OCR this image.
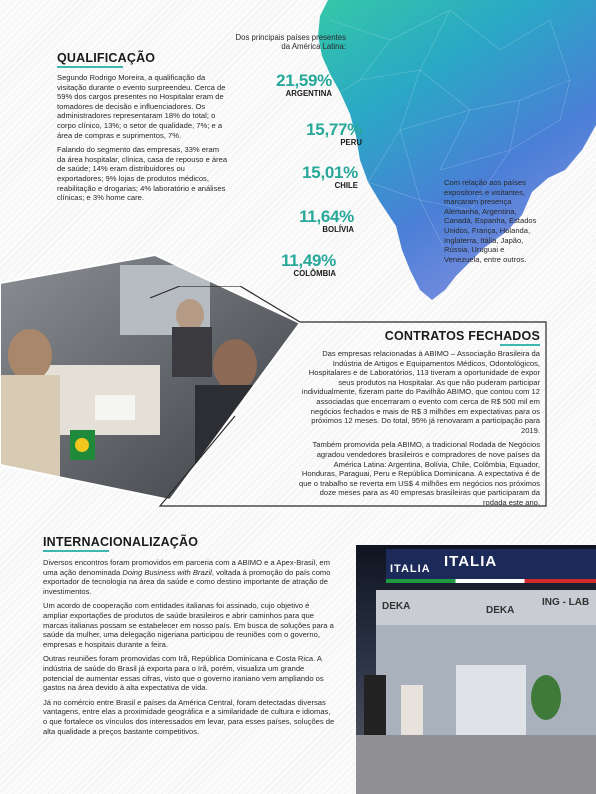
QUALIFICAÇÃO

Segundo Rodrigo Moreira, a qualificação da visitação durante o evento surpreendeu. Cerca de 59% dos cargos presentes no Hospitalar eram de tomadores de decisão e influenciadores. Os administradores representaram 18% do total; o corpo clínico, 13%; o setor de qualidade, 7%; e a área de compras e suprimentos, 7%.

Falando do segmento das empresas, 33% eram da área hospitalar, clínica, casa de repouso e área de saúde; 14% eram distribuidores ou exportadores; 9% lojas de produtos médicos, reabilitação e drogarias; 4% laboratório e análises clínicas; e 3% home care.

Dos principais países presentes da América Latina:
21,59%
ARGENTINA
15,77%
PERU
15,01%
CHILE
11,64%
BOLÍVIA
11,49%
COLÔMBIA
Com relação aos países expositores e visitantes, marcaram presença Alemanha, Argentina, Canadá, Espanha, Estados Unidos, França, Holanda, Inglaterra, Itália, Japão, Rússia, Uruguai e Venezuela, entre outros.
CONTRATOS FECHADOS

Das empresas relacionadas à ABIMO – Associação Brasileira da Indústria de Artigos e Equipamentos Médicos, Odontológicos, Hospitalares e de Laboratórios, 113 tiveram a oportunidade de expor seus produtos na Hospitalar. As que não puderam participar individualmente, fizeram parte do Pavilhão ABIMO, que contou com 12 associadas que encerraram o evento com cerca de R$ 500 mil em negócios fechados e mais de R$ 3 milhões em expectativas para os próximos 12 meses. Do total, 95% já renovaram a participação para 2019.

Também promovida pela ABIMO, a tradicional Rodada de Negócios agradou vendedores brasileiros e compradores de nove países da América Latina: Argentina, Bolívia, Chile, Colômbia, Equador, Honduras, Paraguai, Peru e República Dominicana. A expectativa é de que o trabalho se reverta em US$ 4 milhões em negócios nos próximos doze meses para as 40 empresas brasileiras que participaram da rodada este ano.

INTERNACIONALIZAÇÃO

Diversos encontros foram promovidos em parceria com a ABIMO e a Apex-Brasil, em uma ação denominada Doing Business with Brazil, voltada à promoção do país como exportador de tecnologia na área da saúde e como destino importante de atração de investimentos.

Um acordo de cooperação com entidades italianas foi assinado, cujo objetivo é ampliar exportações de produtos de saúde brasileiros e abrir caminhos para que marcas italianas possam se estabelecer em nosso país. Em busca de soluções para a saúde da mulher, uma delegação nigeriana participou de reuniões com o governo, empresas e hospitais durante a feira.

Outras reuniões foram promovidas com Irã, República Dominicana e Costa Rica. A indústria de saúde do Brasil já exporta para o Irã, porém, visualiza um grande potencial de aumentar essas cifras, visto que o governo iraniano vem ampliando os gastos na área devido à alta expectativa de vida.

Já no comércio entre Brasil e países da América Central, foram detectadas diversas vantagens, entre elas a proximidade geográfica e a similaridade de cultura e idiomas, o que fortalece os vínculos dos interessados em levar, para esses países, soluções de alta qualidade a preços bastante competitivos.

ITALIA
ITALIA
DEKA	DEKA
ING - LAB
